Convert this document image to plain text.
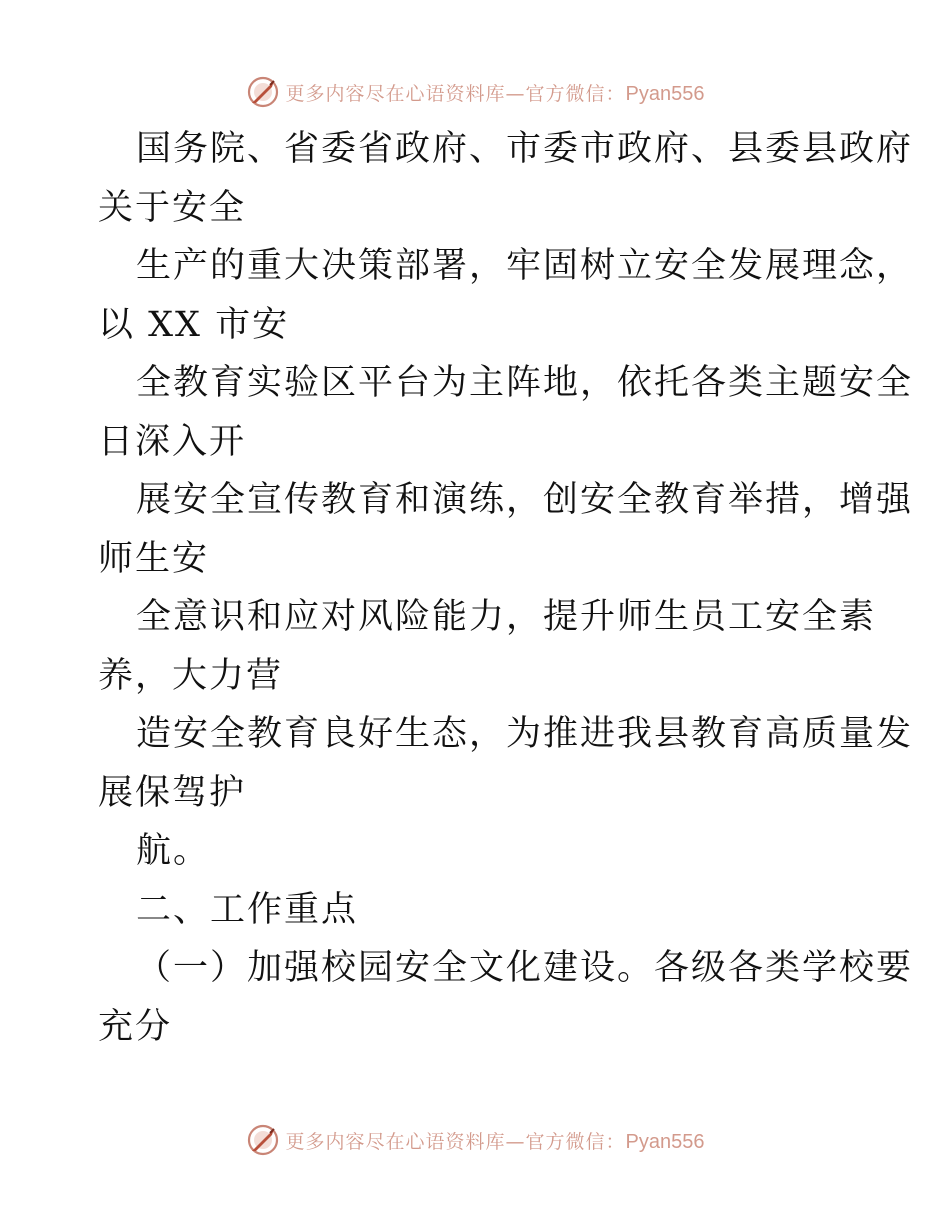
更多内容尽在心语资料库—官方微信：Pyan556
国务院、省委省政府、市委市政府、县委县政府
关于安全
生产的重大决策部署，牢固树立安全发展理念，
以 XX 市安
全教育实验区平台为主阵地，依托各类主题安全
日深入开
展安全宣传教育和演练，创安全教育举措，增强
师生安
全意识和应对风险能力，提升师生员工安全素
养，大力营
造安全教育良好生态，为推进我县教育高质量发
展保驾护
航。
二、工作重点
（一）加强校园安全文化建设。各级各类学校要
充分
更多内容尽在心语资料库—官方微信：Pyan556
